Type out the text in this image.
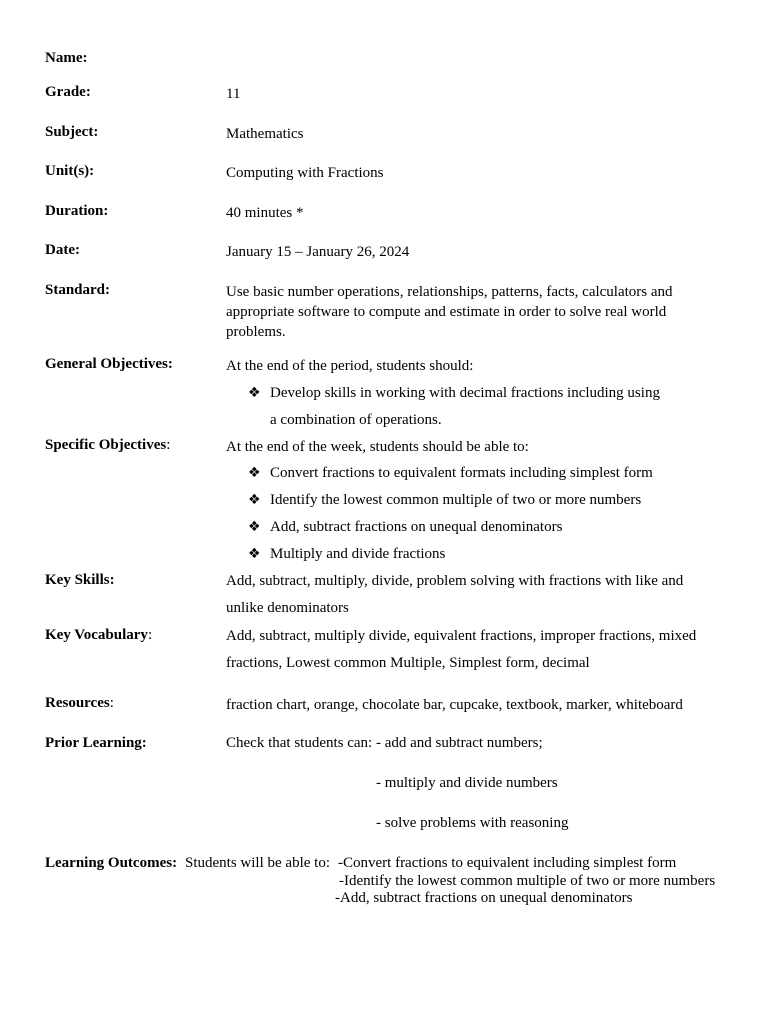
Name:
Grade:	11
Subject:	Mathematics
Unit(s):	Computing with Fractions
Duration:	40 minutes *
Date:	January 15 – January 26, 2024
Standard:	Use basic number operations, relationships, patterns, facts, calculators and appropriate software to compute and estimate in order to solve real world problems.
General Objectives:	At the end of the period, students should:
❖ Develop skills in working with decimal fractions including using a combination of operations.
Specific Objectives:	At the end of the week, students should be able to:
❖ Convert fractions to equivalent formats including simplest form
❖ Identify the lowest common multiple of two or more numbers
❖ Add, subtract fractions on unequal denominators
❖ Multiply and divide fractions
Key Skills:	Add, subtract, multiply, divide, problem solving with fractions with like and unlike denominators
Key Vocabulary:	Add, subtract, multiply divide, equivalent fractions, improper fractions, mixed fractions, Lowest common Multiple, Simplest form, decimal
Resources:	fraction chart, orange, chocolate bar, cupcake, textbook, marker, whiteboard
Prior Learning:	Check that students can: - add and subtract numbers;
- multiply and divide numbers
- solve problems with reasoning
Learning Outcomes: Students will be able to: -Convert fractions to equivalent including simplest form
-Identify the lowest common multiple of two or more numbers
-Add, subtract fractions on unequal denominators
